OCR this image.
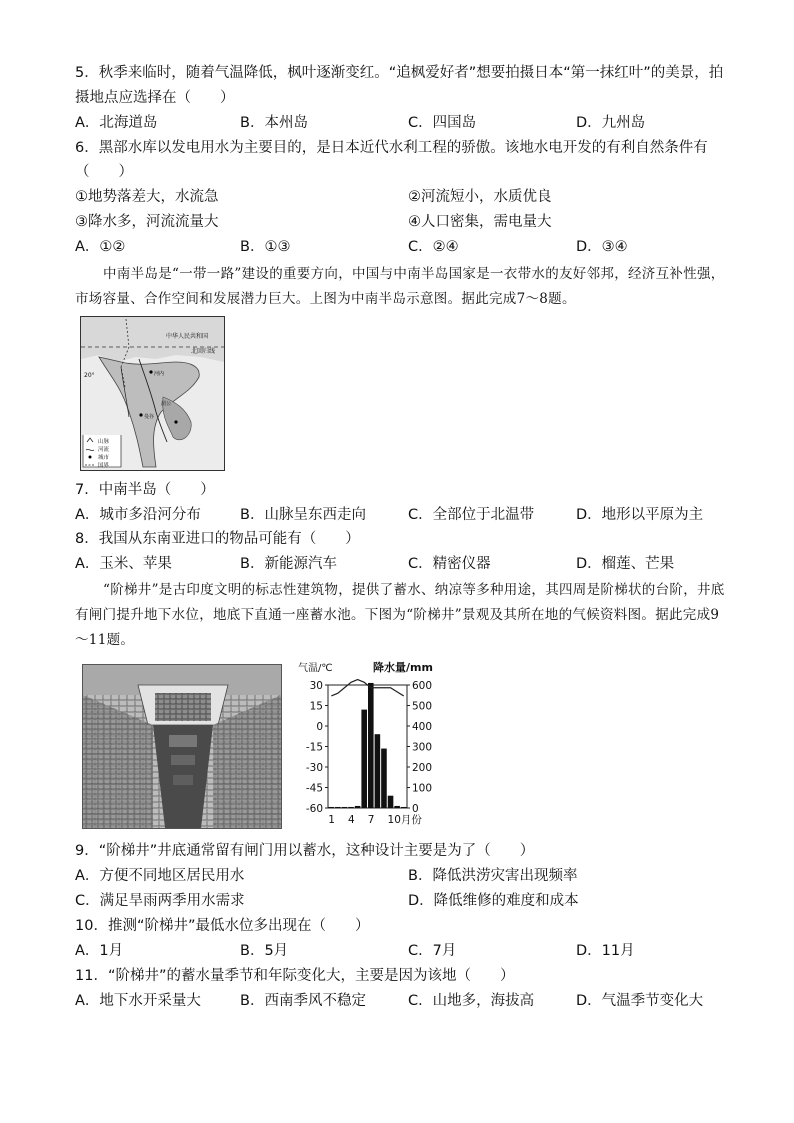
5．秋季来临时，随着气温降低，枫叶逐渐变红。“追枫爱好者”想要拍摄日本“第一抹红叶”的美景，拍
摄地点应选择在（　　）
A．北海道岛	B．本州岛	C．四国岛	D．九州岛
6．黑部水库以发电用水为主要目的，是日本近代水利工程的骄傲。该地水电开发的有利自然条件有
（　　）
①地势落差大，水流急	②河流短小，水质优良
③降水多，河流流量大	④人口密集，需电量大
A．①②	B．①③	C．②④	D．③④
中南半岛是“一带一路”建设的重要方向，中国与中南半岛国家是一衣带水的友好邻邦，经济互补性强，市场容量、合作空间和发展潜力巨大。上图为中南半岛示意图。据此完成7～8题。
中华人民共和国
北回归线
20°	河内
湄公
曼谷
山脉
河流
城市
国界
7．中南半岛（　　）
A．城市多沿河分布	B．山脉呈东西走向	C．全部位于北温带	D．地形以平原为主
8．我国从东南亚进口的物品可能有（　　）
A．玉米、苹果	B．新能源汽车	C．精密仪器	D．榴莲、芒果
“阶梯井”是古印度文明的标志性建筑物，提供了蓄水、纳凉等多种用途，其四周是阶梯状的台阶，井底有闸门提升地下水位，地底下直通一座蓄水池。下图为“阶梯井”景观及其所在地的气候资料图。据此完成9～11题。
气温/℃	降水量/mm
30
15
0
-15
-30
-45
-60
600
500
400
300
200
100
0
1 4 7 10月份
9．“阶梯井”井底通常留有闸门用以蓄水，这种设计主要是为了（　　）
A．方便不同地区居民用水	B．降低洪涝灾害出现频率
C．满足旱雨两季用水需求	D．降低维修的难度和成本
10．推测“阶梯井”最低水位多出现在（　　）
A．1月	B．5月	C．7月	D．11月
11．“阶梯井”的蓄水量季节和年际变化大，主要是因为该地（　　）
A．地下水开采量大	B．西南季风不稳定	C．山地多，海拔高	D．气温季节变化大
